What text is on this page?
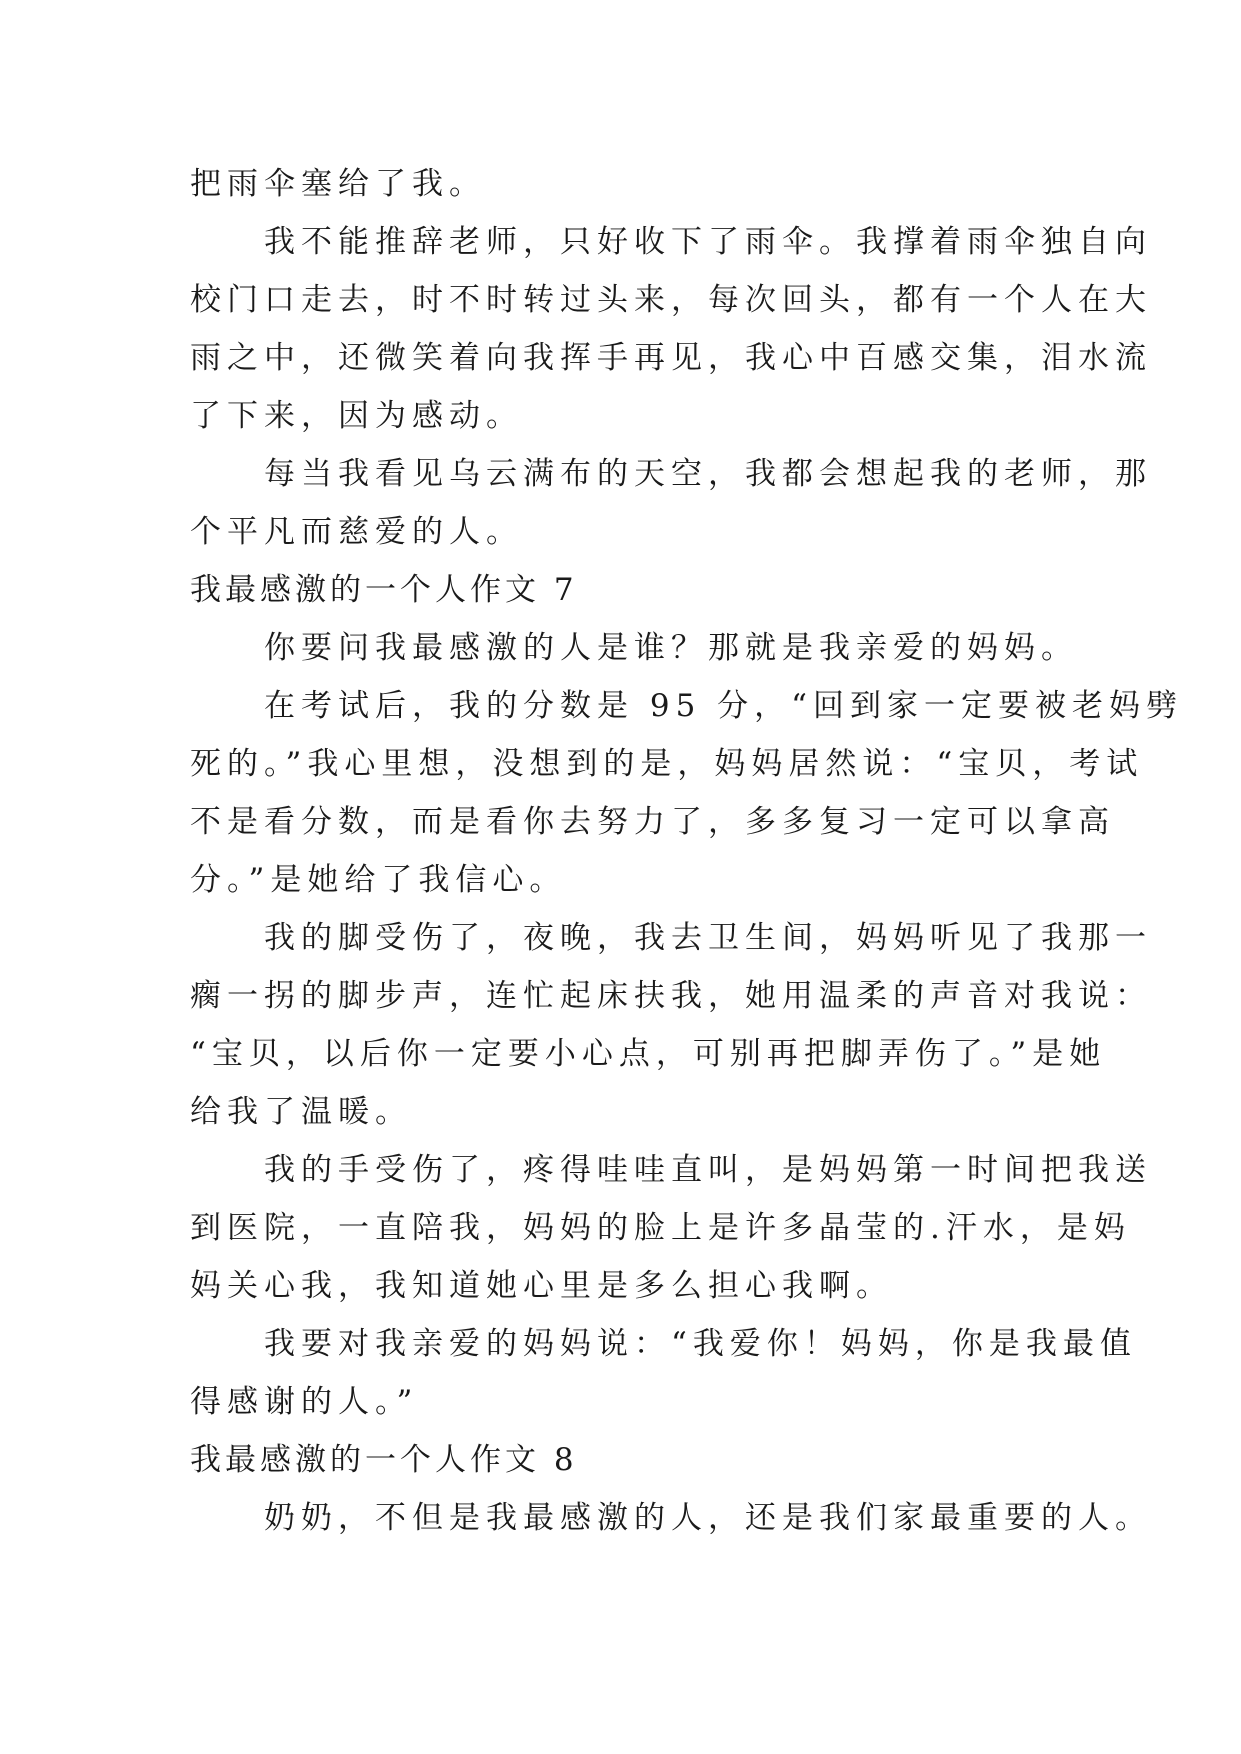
把雨伞塞给了我。

　　我不能推辞老师，只好收下了雨伞。我撑着雨伞独自向

校门口走去，时不时转过头来，每次回头，都有一个人在大

雨之中，还微笑着向我挥手再见，我心中百感交集，泪水流

了下来，因为感动。

　　每当我看见乌云满布的天空，我都会想起我的老师，那

个平凡而慈爱的人。

我最感激的一个人作文 7

　　你要问我最感激的人是谁？那就是我亲爱的妈妈。

　　在考试后，我的分数是 95 分，“回到家一定要被老妈劈

死的。”我心里想，没想到的是，妈妈居然说：“宝贝，考试

不是看分数，而是看你去努力了，多多复习一定可以拿高

分。”是她给了我信心。

　　我的脚受伤了，夜晚，我去卫生间，妈妈听见了我那一

瘸一拐的脚步声，连忙起床扶我，她用温柔的声音对我说：

“宝贝，以后你一定要小心点，可别再把脚弄伤了。”是她

给我了温暖。

　　我的手受伤了，疼得哇哇直叫，是妈妈第一时间把我送

到医院，一直陪我，妈妈的脸上是许多晶莹的.汗水，是妈

妈关心我，我知道她心里是多么担心我啊。

　　我要对我亲爱的妈妈说：“我爱你！妈妈，你是我最值

得感谢的人。”

我最感激的一个人作文 8

　　奶奶，不但是我最感激的人，还是我们家最重要的人。
